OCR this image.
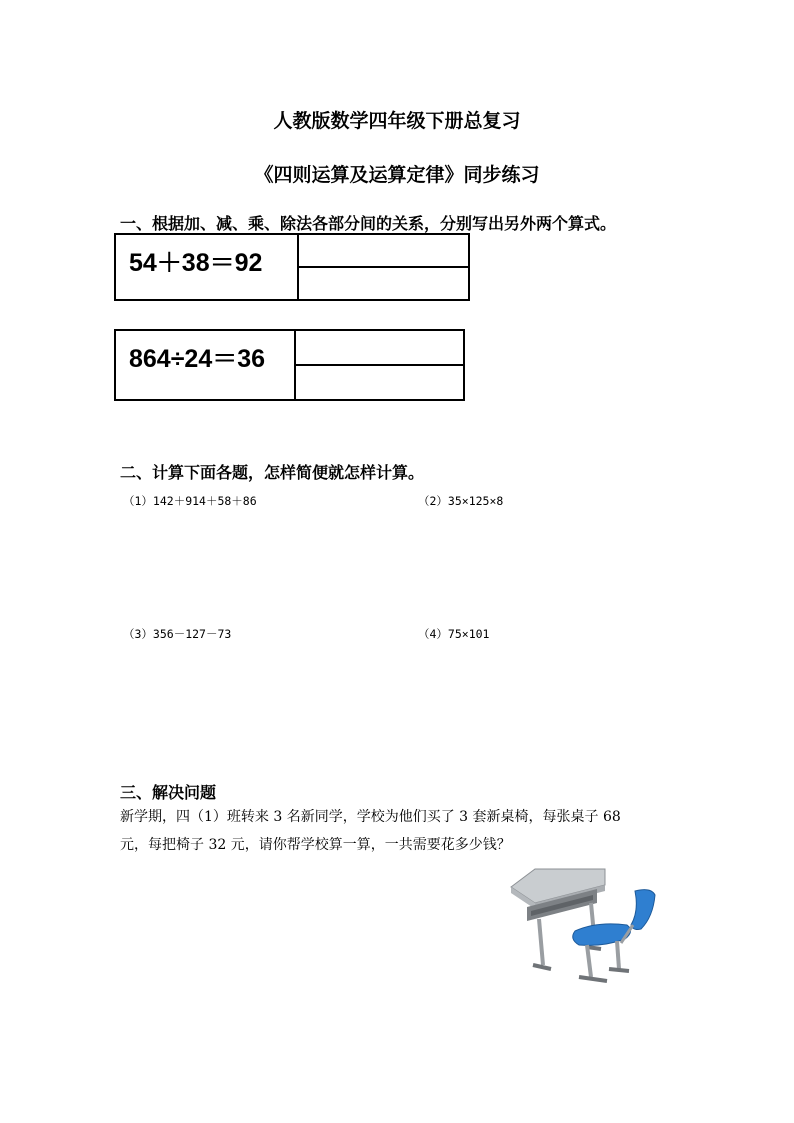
人教版数学四年级下册总复习
《四则运算及运算定律》同步练习
一、根据加、减、乘、除法各部分间的关系，分别写出另外两个算式。
54＋38＝92
864÷24＝36
二、计算下面各题，怎样简便就怎样计算。
（1）142＋914＋58＋86	（2）35×125×8
（3）356－127－73	（4）75×101
三、解决问题
新学期，四（1）班转来 3 名新同学，学校为他们买了 3 套新桌椅，每张桌子 68
元，每把椅子 32 元，请你帮学校算一算，一共需要花多少钱？
